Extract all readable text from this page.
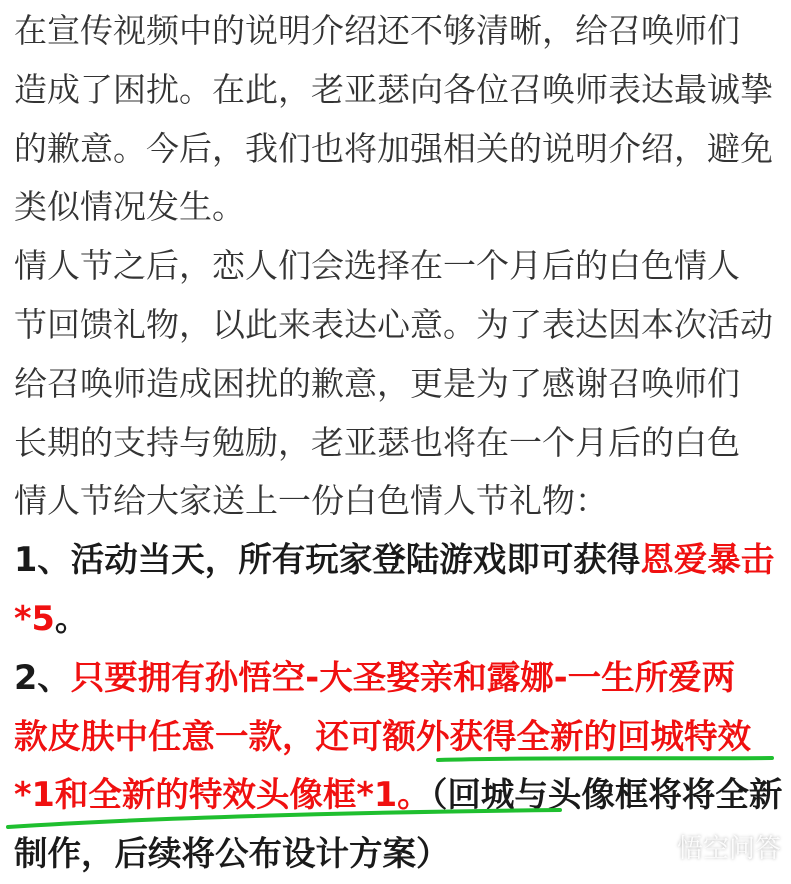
在宣传视频中的说明介绍还不够清晰，给召唤师们
造成了困扰。在此，老亚瑟向各位召唤师表达最诚挚
的歉意。今后，我们也将加强相关的说明介绍，避免
类似情况发生。
情人节之后，恋人们会选择在一个月后的白色情人
节回馈礼物，以此来表达心意。为了表达因本次活动
给召唤师造成困扰的歉意，更是为了感谢召唤师们
长期的支持与勉励，老亚瑟也将在一个月后的白色
情人节给大家送上一份白色情人节礼物：
1、活动当天，所有玩家登陆游戏即可获得恩爱暴击
*5。
2、只要拥有孙悟空-大圣娶亲和露娜-一生所爱两
款皮肤中任意一款，还可额外获得全新的回城特效
*1和全新的特效头像框*1。（回城与头像框将将全新
制作，后续将公布设计方案）	悟空问答
